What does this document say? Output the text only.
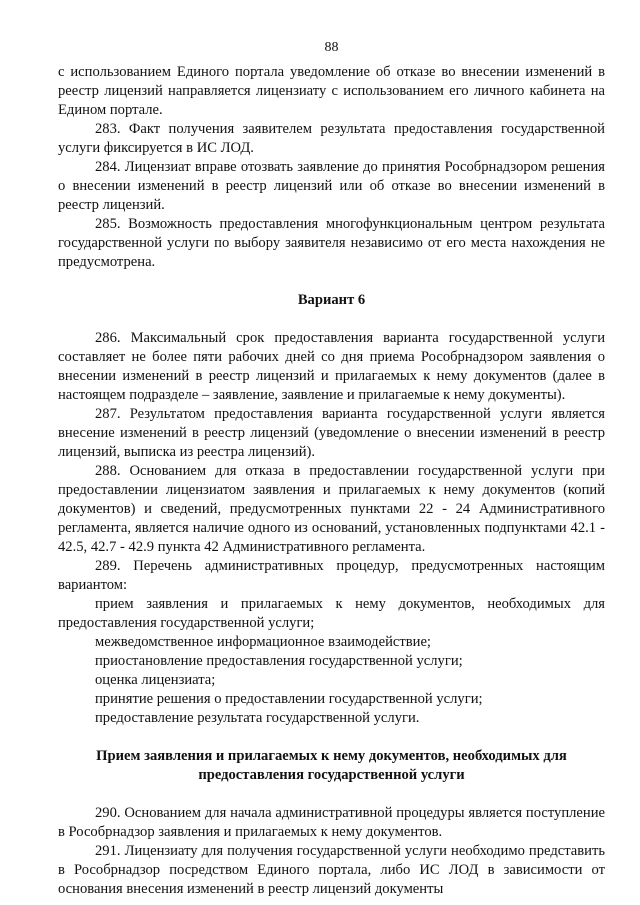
88

с использованием Единого портала уведомление об отказе во внесении изменений в реестр лицензий направляется лицензиату с использованием его личного кабинета на Едином портале.

283. Факт получения заявителем результата предоставления государственной услуги фиксируется в ИС ЛОД.

284. Лицензиат вправе отозвать заявление до принятия Рособрнадзором решения о внесении изменений в реестр лицензий или об отказе во внесении изменений в реестр лицензий.

285. Возможность предоставления многофункциональным центром результата государственной услуги по выбору заявителя независимо от его места нахождения не предусмотрена.

Вариант 6

286. Максимальный срок предоставления варианта государственной услуги составляет не более пяти рабочих дней со дня приема Рособрнадзором заявления о внесении изменений в реестр лицензий и прилагаемых к нему документов (далее в настоящем подразделе – заявление, заявление и прилагаемые к нему документы).

287. Результатом предоставления варианта государственной услуги является внесение изменений в реестр лицензий (уведомление о внесении изменений в реестр лицензий, выписка из реестра лицензий).

288. Основанием для отказа в предоставлении государственной услуги при предоставлении лицензиатом заявления и прилагаемых к нему документов (копий документов) и сведений, предусмотренных пунктами 22 - 24 Административного регламента, является наличие одного из оснований, установленных подпунктами 42.1 - 42.5, 42.7 - 42.9 пункта 42 Административного регламента.

289. Перечень административных процедур, предусмотренных настоящим вариантом:

прием заявления и прилагаемых к нему документов, необходимых для предоставления государственной услуги;

межведомственное информационное взаимодействие;

приостановление предоставления государственной услуги;

оценка лицензиата;

принятие решения о предоставлении государственной услуги;

предоставление результата государственной услуги.

Прием заявления и прилагаемых к нему документов, необходимых для предоставления государственной услуги

290. Основанием для начала административной процедуры является поступление в Рособрнадзор заявления и прилагаемых к нему документов.

291. Лицензиату для получения государственной услуги необходимо представить в Рособрнадзор посредством Единого портала, либо ИС ЛОД в зависимости от основания внесения изменений в реестр лицензий документы
